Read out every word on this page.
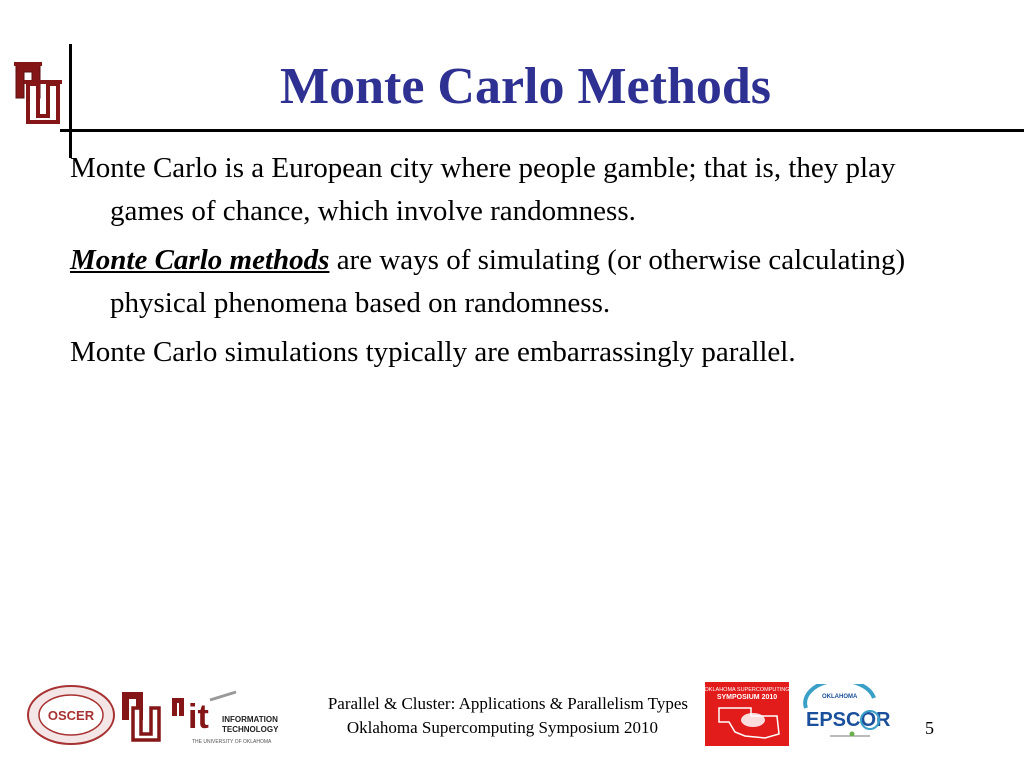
Monte Carlo Methods

Monte Carlo is a European city where people gamble; that is, they play games of chance, which involve randomness.

Monte Carlo methods are ways of simulating (or otherwise calculating) physical phenomena based on randomness.

Monte Carlo simulations typically are embarrassingly parallel.

OSCER	it INFORMATION
TECHNOLOGY
THE UNIVERSITY OF OKLAHOMA
Parallel & Cluster: Applications & Parallelism Types
Oklahoma Supercomputing Symposium 2010
OKLAHOMA SUPERCOMPUTING
SYMPOSIUM 2010	OKLAHOMA
EPSCOR 5
